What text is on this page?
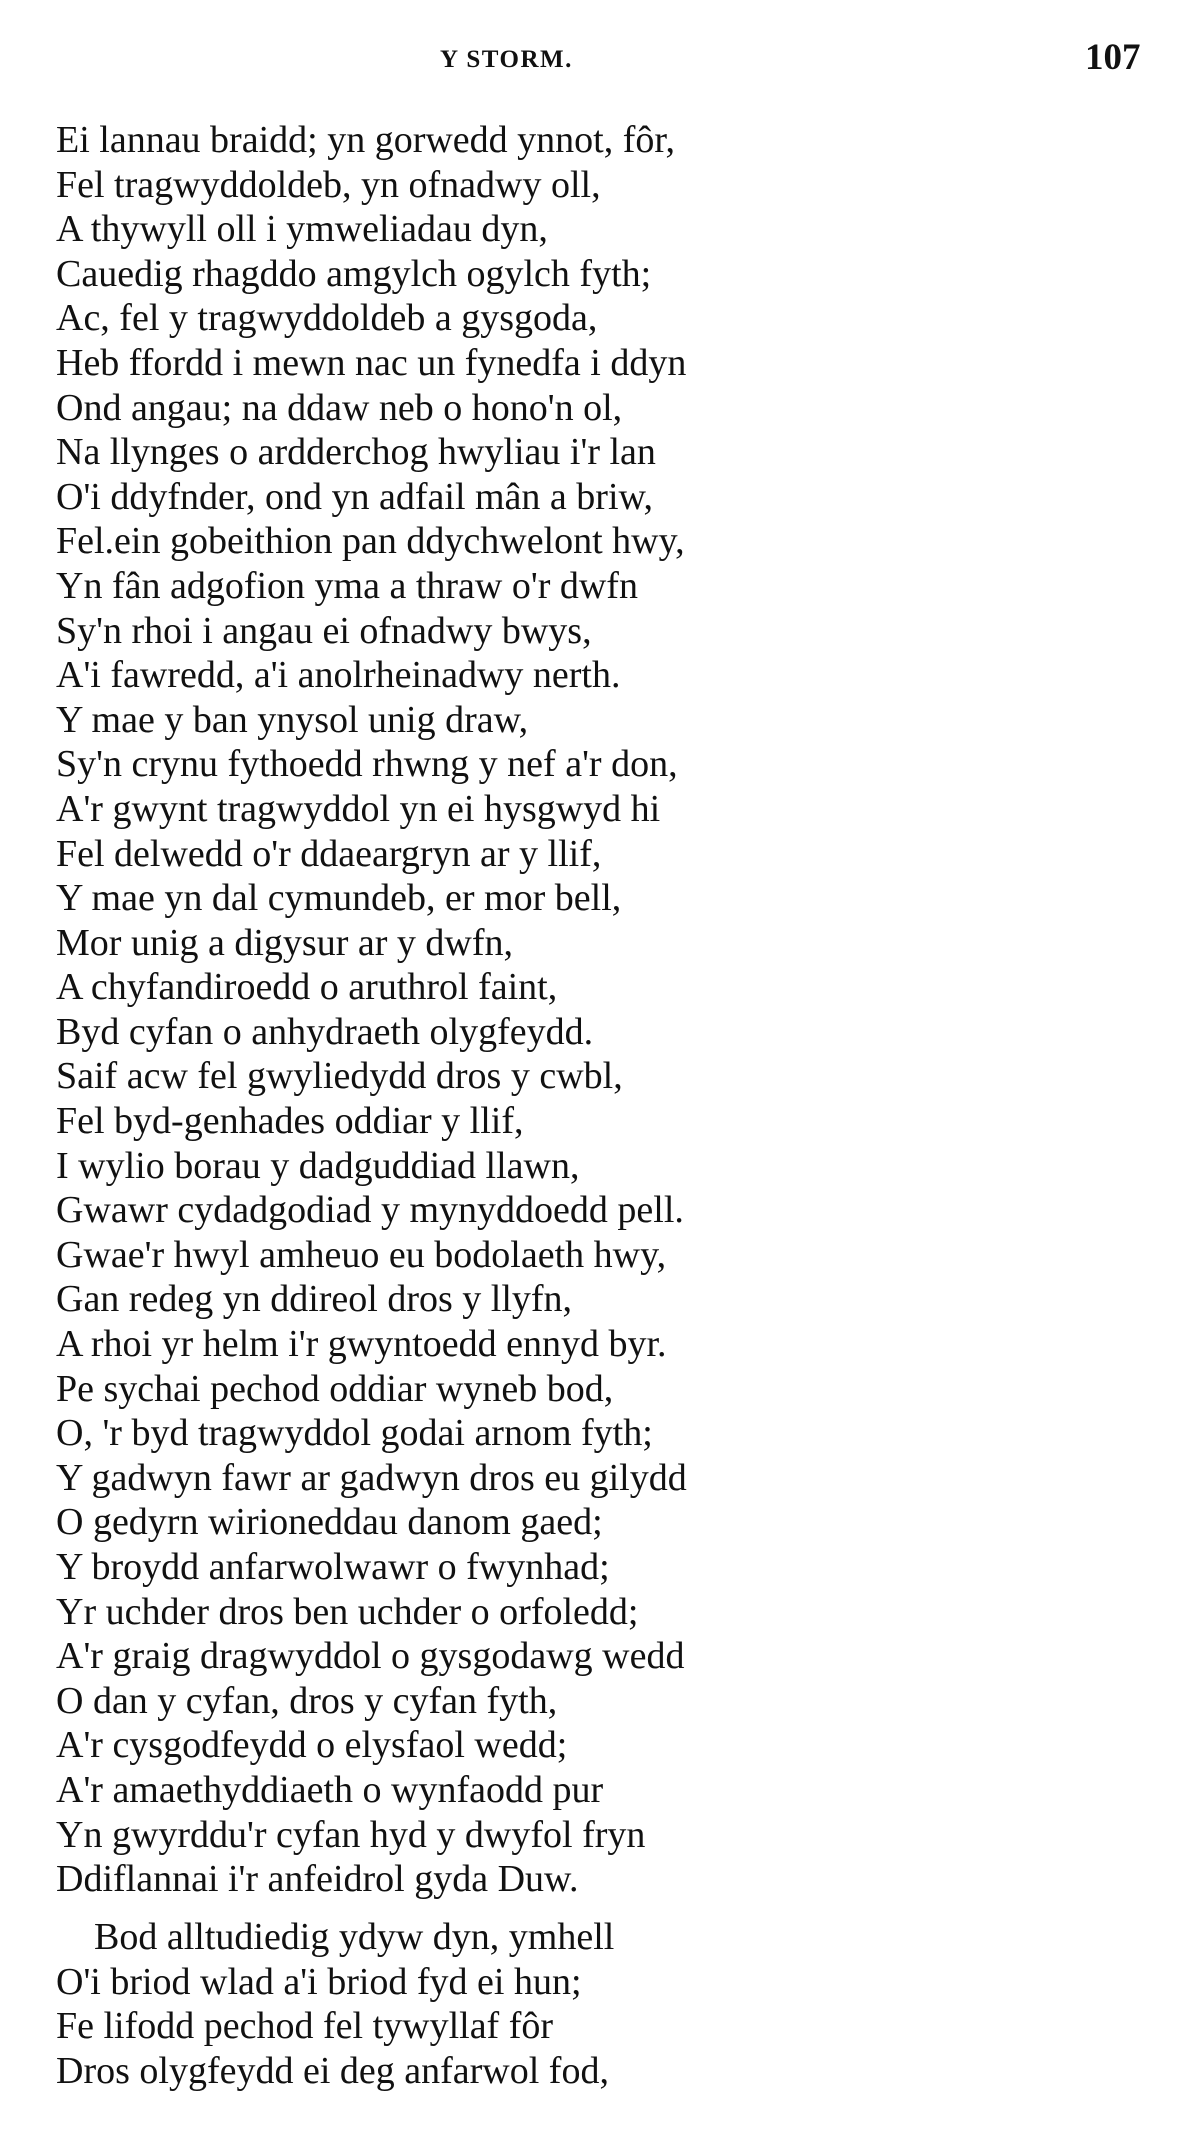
Y STORM.	107
Ei lannau braidd; yn gorwedd ynnot, fôr,
Fel tragwyddoldeb, yn ofnadwy oll,
A thywyll oll i ymweliadau dyn,
Cauedig rhagddo amgylch ogylch fyth;
Ac, fel y tragwyddoldeb a gysgoda,
Heb ffordd i mewn nac un fynedfa i ddyn
Ond angau; na ddaw neb o hono'n ol,
Na llynges o ardderchog hwyliau i'r lan
O'i ddyfnder, ond yn adfail mân a briw,
Fel.ein gobeithion pan ddychwelont hwy,
Yn fân adgofion yma a thraw o'r dwfn
Sy'n rhoi i angau ei ofnadwy bwys,
A'i fawredd, a'i anolrheinadwy nerth.
Y mae y ban ynysol unig draw,
Sy'n crynu fythoedd rhwng y nef a'r don,
A'r gwynt tragwyddol yn ei hysgwyd hi
Fel delwedd o'r ddaeargryn ar y llif,
Y mae yn dal cymundeb, er mor bell,
Mor unig a digysur ar y dwfn,
A chyfandiroedd o aruthrol faint,
Byd cyfan o anhydraeth olygfeydd.
Saif acw fel gwyliedydd dros y cwbl,
Fel byd-genhades oddiar y llif,
I wylio borau y dadguddiad llawn,
Gwawr cydadgodiad y mynyddoedd pell.
Gwae'r hwyl amheuo eu bodolaeth hwy,
Gan redeg yn ddireol dros y llyfn,
A rhoi yr helm i'r gwyntoedd ennyd byr.
Pe sychai pechod oddiar wyneb bod,
O, 'r byd tragwyddol godai arnom fyth;
Y gadwyn fawr ar gadwyn dros eu gilydd
O gedyrn wirioneddau danom gaed;
Y broydd anfarwolwawr o fwynhad;
Yr uchder dros ben uchder o orfoledd;
A'r graig dragwyddol o gysgodawg wedd
O dan y cyfan, dros y cyfan fyth,
A'r cysgodfeydd o elysfaol wedd;
A'r amaethyddiaeth o wynfaodd pur
Yn gwyrddu'r cyfan hyd y dwyfol fryn
Ddiflannai i'r anfeidrol gyda Duw.
Bod alltudiedig ydyw dyn, ymhell
O'i briod wlad a'i briod fyd ei hun;
Fe lifodd pechod fel tywyllaf fôr
Dros olygfeydd ei deg anfarwol fod,
